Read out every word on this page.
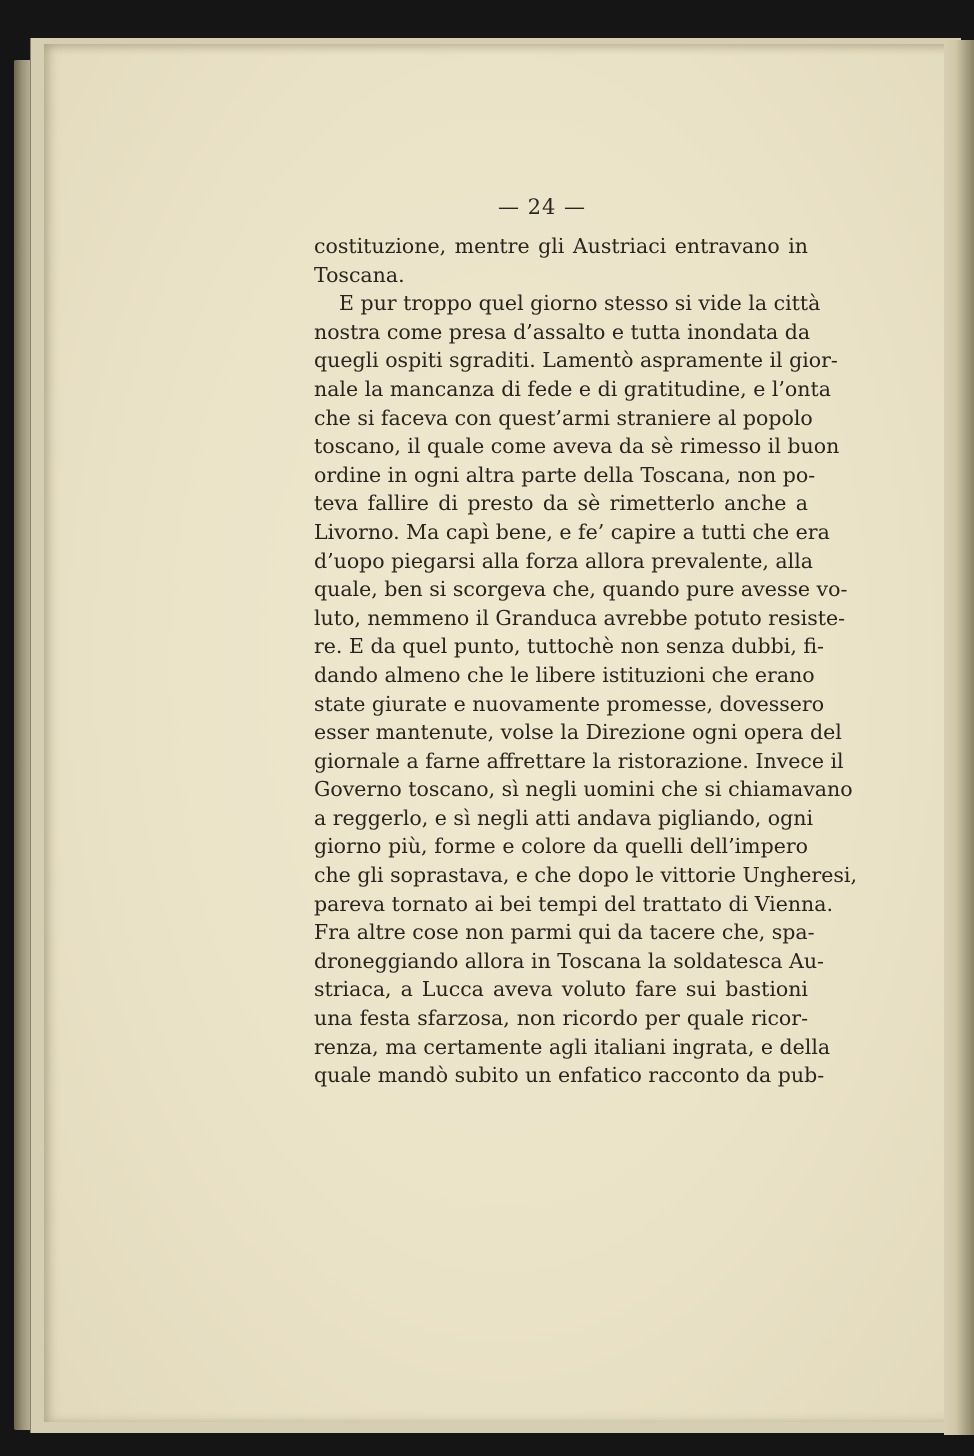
— 24 —
costituzione, mentre gli Austriaci entravano in
Toscana.
E pur troppo quel giorno stesso si vide la città
nostra come presa d’assalto e tutta inondata da
quegli ospiti sgraditi. Lamentò aspramente il gior-
nale la mancanza di fede e di gratitudine, e l’onta
che si faceva con quest’armi straniere al popolo
toscano, il quale come aveva da sè rimesso il buon
ordine in ogni altra parte della Toscana, non po-
teva fallire di presto da sè rimetterlo anche a
Livorno. Ma capì bene, e fe’ capire a tutti che era
d’uopo piegarsi alla forza allora prevalente, alla
quale, ben si scorgeva che, quando pure avesse vo-
luto, nemmeno il Granduca avrebbe potuto resiste-
re. E da quel punto, tuttochè non senza dubbi, fi-
dando almeno che le libere istituzioni che erano
state giurate e nuovamente promesse, dovessero
esser mantenute, volse la Direzione ogni opera del
giornale a farne affrettare la ristorazione. Invece il
Governo toscano, sì negli uomini che si chiamavano
a reggerlo, e sì negli atti andava pigliando, ogni
giorno più, forme e colore da quelli dell’impero
che gli soprastava, e che dopo le vittorie Ungheresi,
pareva tornato ai bei tempi del trattato di Vienna.
Fra altre cose non parmi qui da tacere che, spa-
droneggiando allora in Toscana la soldatesca Au-
striaca, a Lucca aveva voluto fare sui bastioni
una festa sfarzosa, non ricordo per quale ricor-
renza, ma certamente agli italiani ingrata, e della
quale mandò subito un enfatico racconto da pub-
